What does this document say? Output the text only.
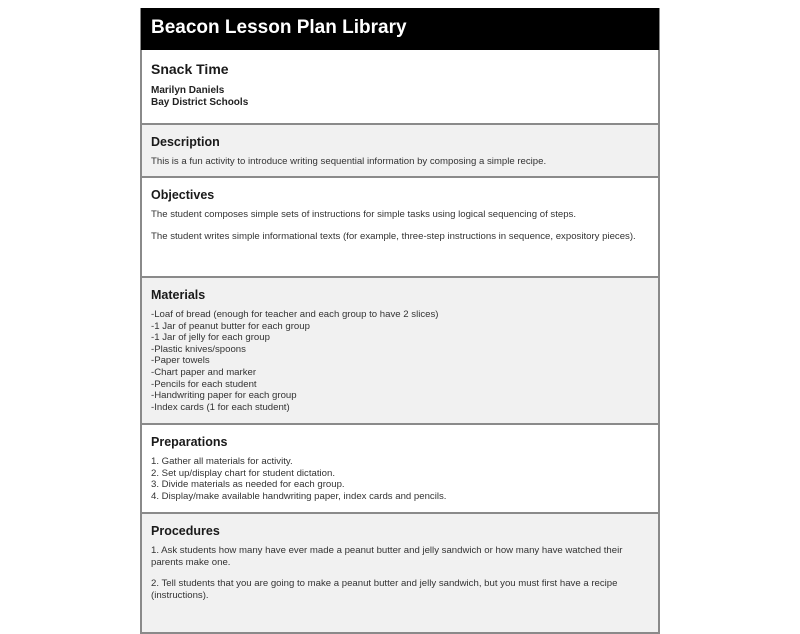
Beacon Lesson Plan Library
Snack Time
Marilyn Daniels
Bay District Schools
Description

This is a fun activity to introduce writing sequential information by composing a simple recipe.

Objectives

The student composes simple sets of instructions for simple tasks using logical sequencing of steps.

The student writes simple informational texts (for example, three-step instructions in sequence, expository pieces).

Materials
-Loaf of bread (enough for teacher and each group to have 2 slices)
-1 Jar of peanut butter for each group
-1 Jar of jelly for each group
-Plastic knives/spoons
-Paper towels
-Chart paper and marker
-Pencils for each student
-Handwriting paper for each group
-Index cards (1 for each student)
Preparations
1. Gather all materials for activity.
2. Set up/display chart for student dictation.
3. Divide materials as needed for each group.
4. Display/make available handwriting paper, index cards and pencils.
Procedures

1. Ask students how many have ever made a peanut butter and jelly sandwich or how many have watched their parents make one.

2. Tell students that you are going to make a peanut butter and jelly sandwich, but you must first have a recipe (instructions).
